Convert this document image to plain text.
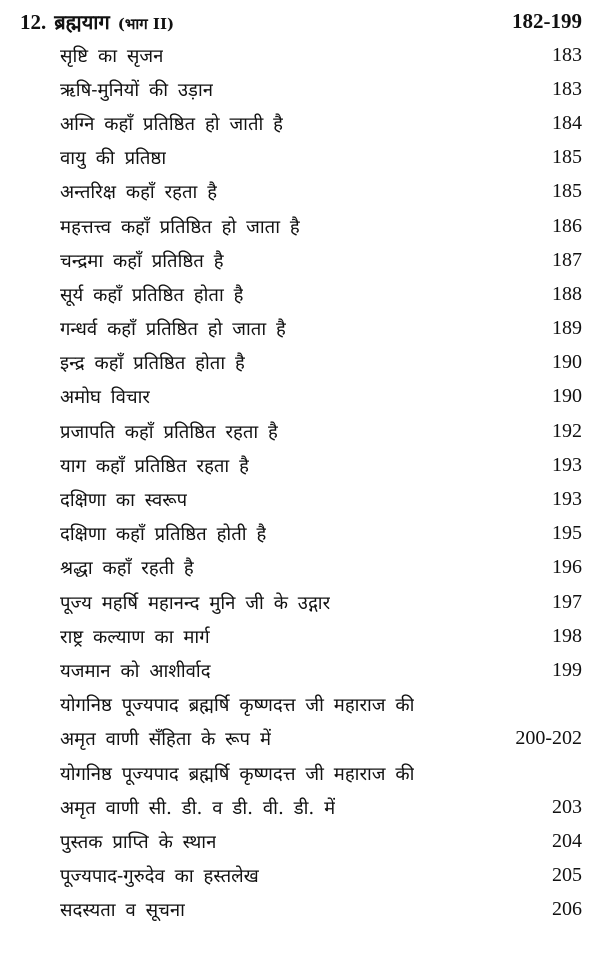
12. ब्रह्मयाग (भाग II)	182-199
सृष्टि का सृजन	183
ऋषि-मुनियों की उड़ान	183
अग्नि कहाँ प्रतिष्ठित हो जाती है	184
वायु की प्रतिष्ठा	185
अन्तरिक्ष कहाँ रहता है	185
महत्तत्त्व कहाँ प्रतिष्ठित हो जाता है	186
चन्द्रमा कहाँ प्रतिष्ठित है	187
सूर्य कहाँ प्रतिष्ठित होता है	188
गन्धर्व कहाँ प्रतिष्ठित हो जाता है	189
इन्द्र कहाँ प्रतिष्ठित होता है	190
अमोघ विचार	190
प्रजापति कहाँ प्रतिष्ठित रहता है	192
याग कहाँ प्रतिष्ठित रहता है	193
दक्षिणा का स्वरूप	193
दक्षिणा कहाँ प्रतिष्ठित होती है	195
श्रद्धा कहाँ रहती है	196
पूज्य महर्षि महानन्द मुनि जी के उद्गार	197
राष्ट्र कल्याण का मार्ग	198
यजमान को आशीर्वाद	199
योगनिष्ठ पूज्यपाद ब्रह्मर्षि कृष्णदत्त जी महाराज की
अमृत वाणी सँहिता के रूप में	200-202
योगनिष्ठ पूज्यपाद ब्रह्मर्षि कृष्णदत्त जी महाराज की
अमृत वाणी सी. डी. व डी. वी. डी. में	203
पुस्तक प्राप्ति के स्थान	204
पूज्यपाद-गुरुदेव का हस्तलेख	205
सदस्यता व सूचना	206
